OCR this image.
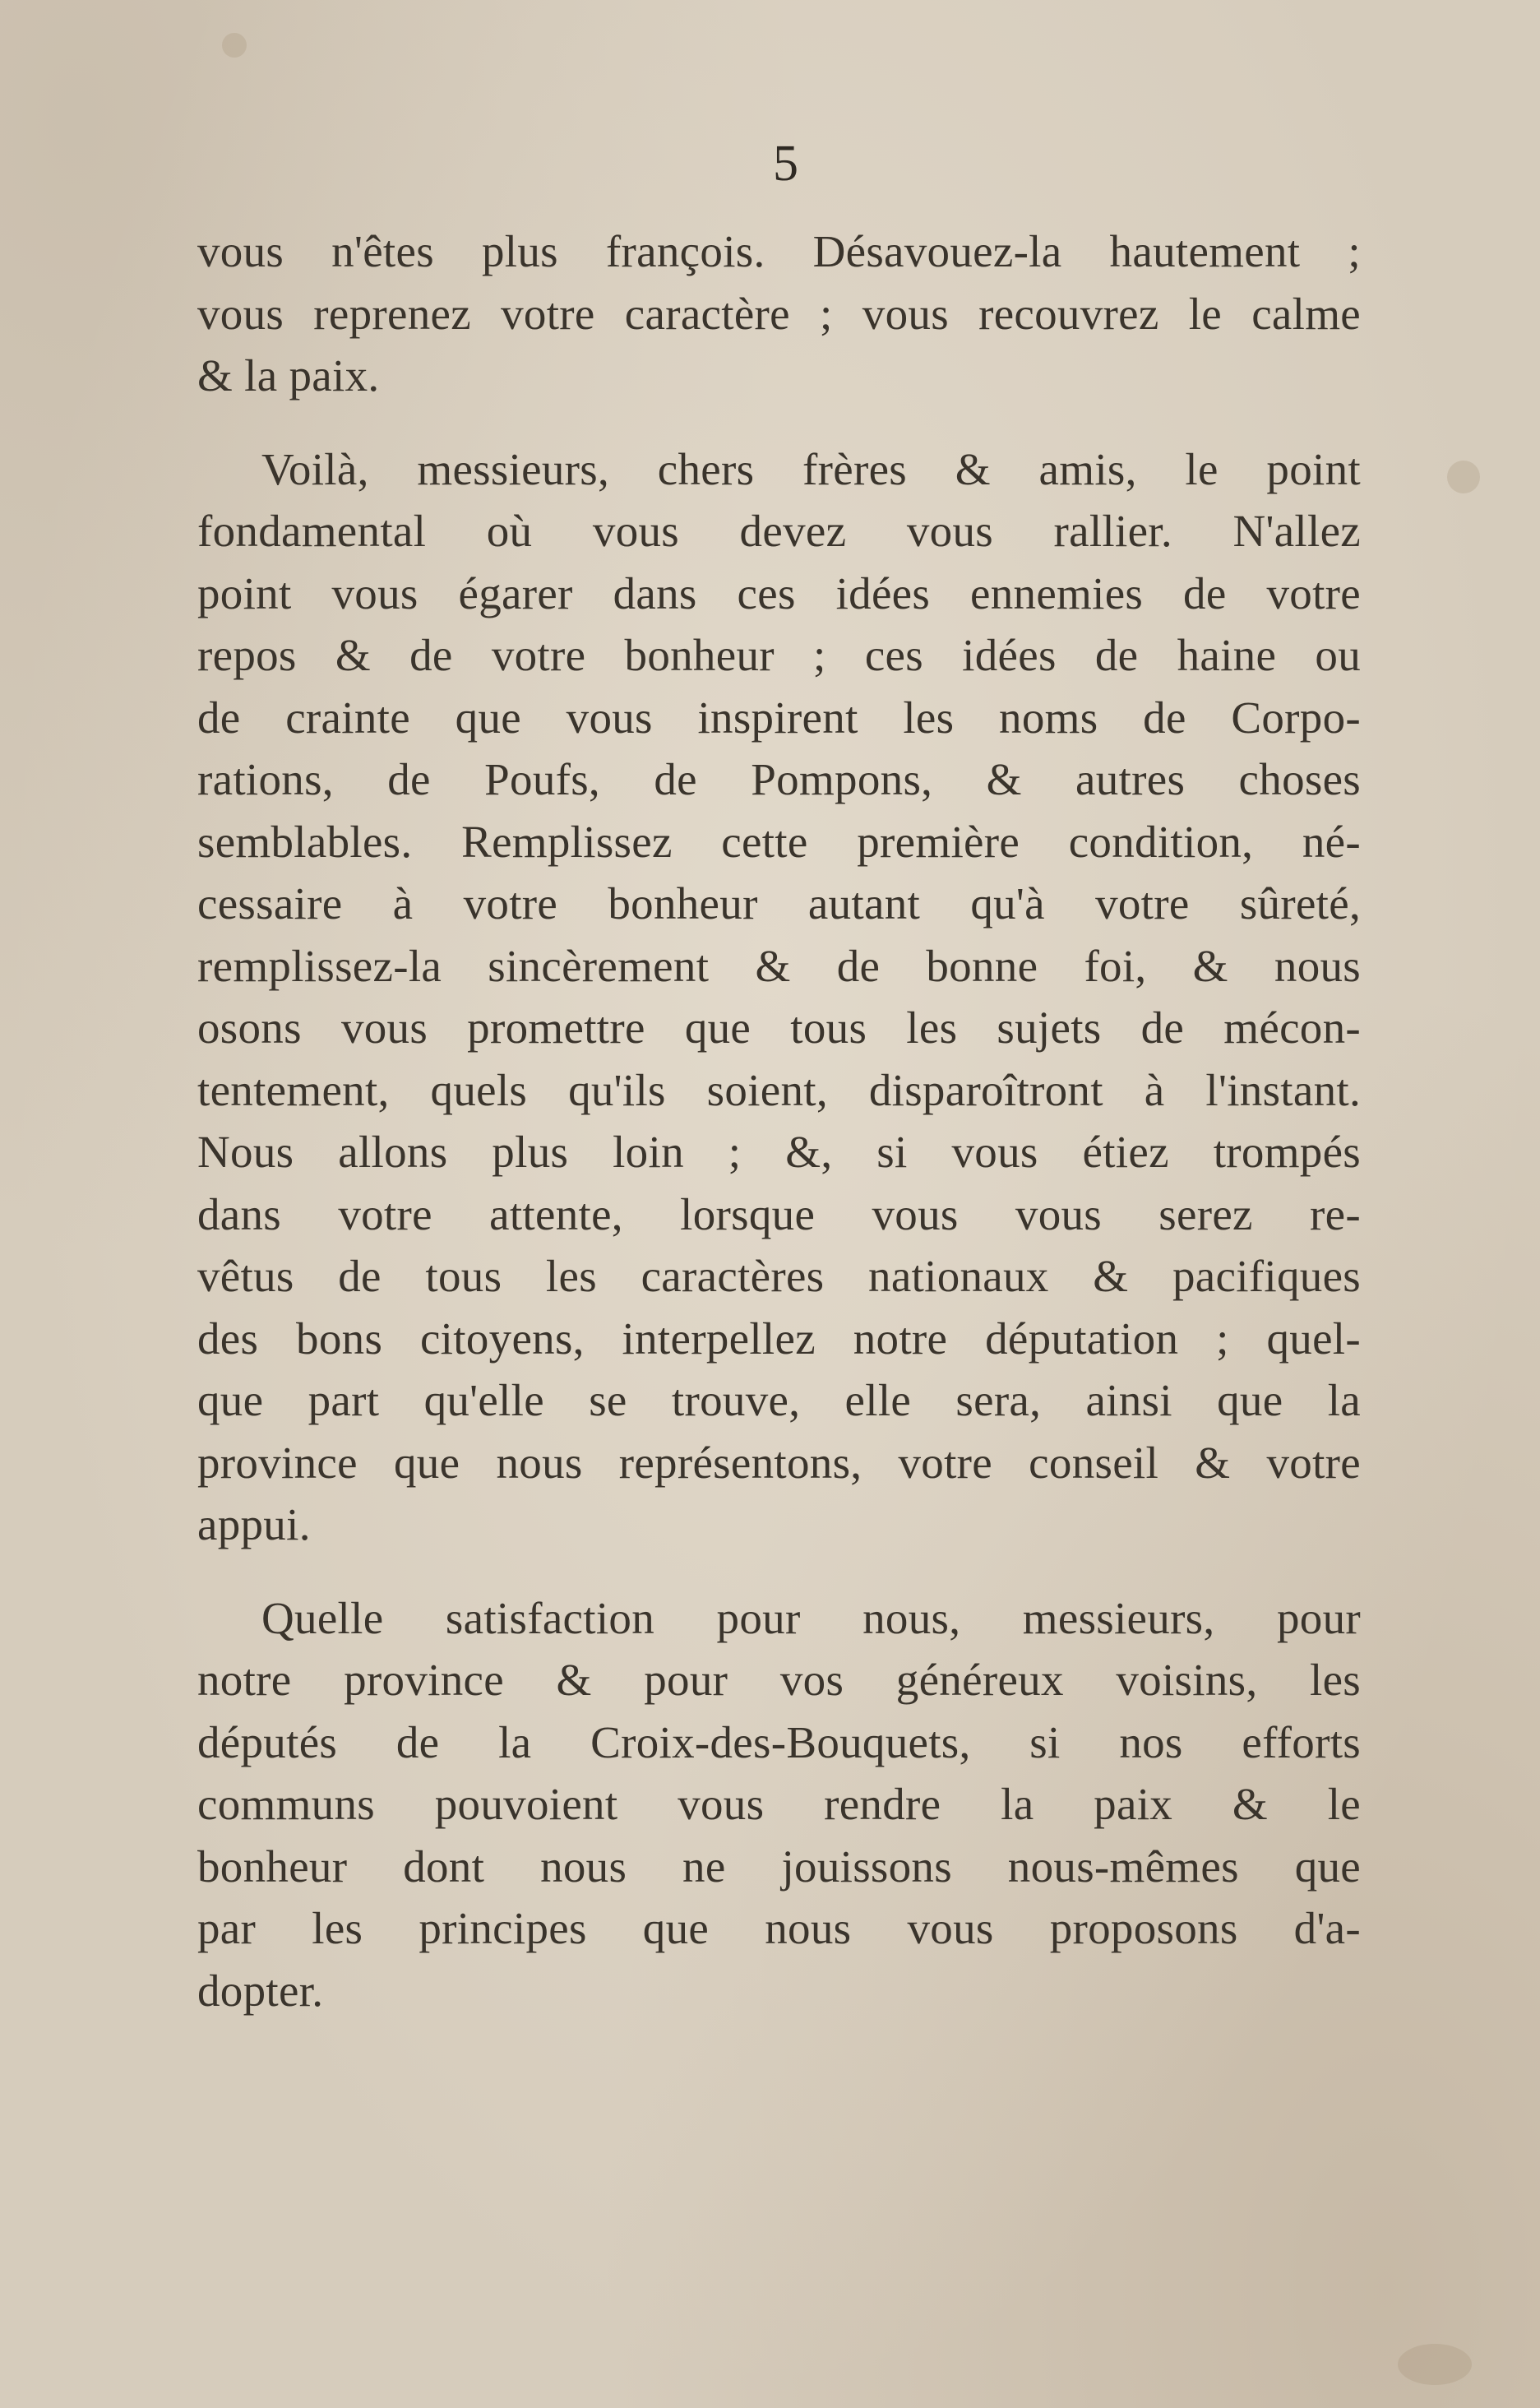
5
vous n'êtes plus françois. Désavouez-la hautement ;
vous reprenez votre caractère ; vous recouvrez le calme
& la paix.
Voilà, messieurs, chers frères & amis, le point
fondamental où vous devez vous rallier. N'allez
point vous égarer dans ces idées ennemies de votre
repos & de votre bonheur ; ces idées de haine ou
de crainte que vous inspirent les noms de Corpo-
rations, de Poufs, de Pompons, & autres choses
semblables. Remplissez cette première condition, né-
cessaire à votre bonheur autant qu'à votre sûreté,
remplissez-la sincèrement & de bonne foi, & nous
osons vous promettre que tous les sujets de mécon-
tentement, quels qu'ils soient, disparoîtront à l'instant.
Nous allons plus loin ; &, si vous étiez trompés
dans votre attente, lorsque vous vous serez re-
vêtus de tous les caractères nationaux & pacifiques
des bons citoyens, interpellez notre députation ; quel-
que part qu'elle se trouve, elle sera, ainsi que la
province que nous représentons, votre conseil & votre
appui.
Quelle satisfaction pour nous, messieurs, pour
notre province & pour vos généreux voisins, les
députés de la Croix-des-Bouquets, si nos efforts
communs pouvoient vous rendre la paix & le
bonheur dont nous ne jouissons nous-mêmes que
par les principes que nous vous proposons d'a-
dopter.
